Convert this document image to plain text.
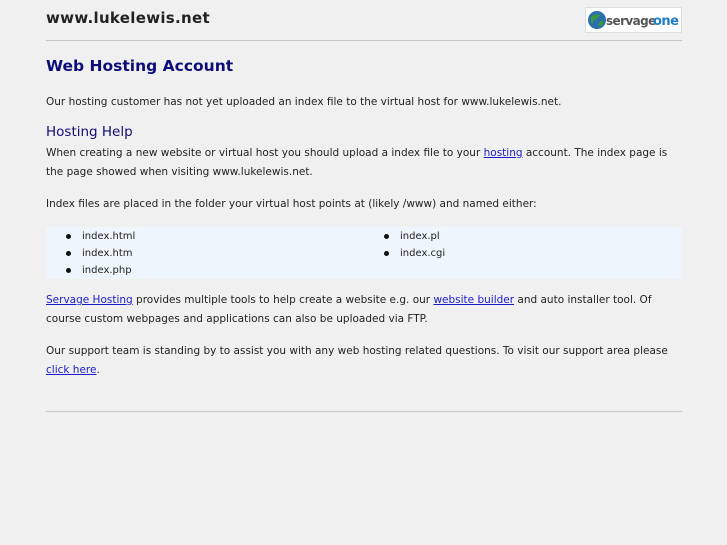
www.lukelewis.net	servage
one
Web Hosting Account

Our hosting customer has not yet uploaded an index file to the virtual host for www.lukelewis.net.

Hosting Help

When creating a new website or virtual host you should upload a index file to your hosting account. The index page is the page showed when visiting www.lukelewis.net.

Index files are placed in the folder your virtual host points at (likely /www) and named either:

index.html
index.htm
index.php
index.pl
index.cgi

Servage Hosting provides multiple tools to help create a website e.g. our website builder and auto installer tool. Of course custom webpages and applications can also be uploaded via FTP.

Our support team is standing by to assist you with any web hosting related questions. To visit our support area please click here.
